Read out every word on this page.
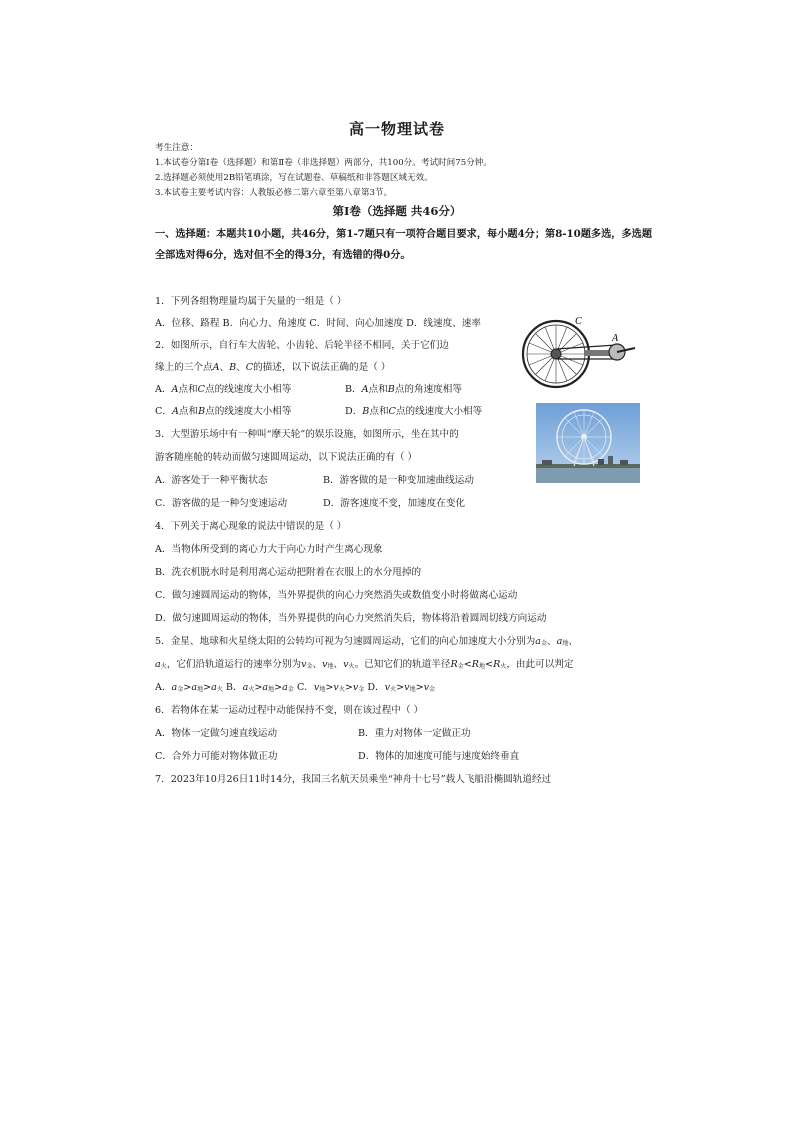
高一物理试卷
考生注意：
1.本试卷分第Ⅰ卷（选择题）和第Ⅱ卷（非选择题）两部分，共100分。考试时间75分钟。
2.选择题必须使用2B铅笔填涂，写在试题卷、草稿纸和非答题区域无效。
3.本试卷主要考试内容：人教版必修二第六章至第八章第3节。
第Ⅰ卷（选择题 共46分）
一、选择题：本题共10小题，共46分，第1-7题只有一项符合题目要求，每小题4分；第8-10题多选，多选题全部选对得6分，选对但不全的得3分，有选错的得0分。
1．下列各组物理量均属于矢量的一组是（ ）
A．位移、路程 B．向心力、角速度 C．时间、向心加速度 D．线速度、速率
2．如图所示，自行车大齿轮、小齿轮、后轮半径不相同，关于它们边
缘上的三个点A、B、C的描述，以下说法正确的是（ ）
A．A点和C点的线速度大小相等	B．A点和B点的角速度相等
C．A点和B点的线速度大小相等	D．B点和C点的线速度大小相等
C
A
3．大型游乐场中有一种叫“摩天轮”的娱乐设施，如图所示，坐在其中的
游客随座舱的转动而做匀速圆周运动，以下说法正确的有（ ）
A．游客处于一种平衡状态	B．游客做的是一种变加速曲线运动
C．游客做的是一种匀变速运动	D．游客速度不变，加速度在变化
4．下列关于离心现象的说法中错误的是（ ）
A．当物体所受到的离心力大于向心力时产生离心现象
B．洗衣机脱水时是利用离心运动把附着在衣服上的水分甩掉的
C．做匀速圆周运动的物体，当外界提供的向心力突然消失或数值变小时将做离心运动
D．做匀速圆周运动的物体，当外界提供的向心力突然消失后，物体将沿着圆周切线方向运动
5．金星、地球和火星绕太阳的公转均可视为匀速圆周运动，它们的向心加速度大小分别为a金、a地、
a火，它们沿轨道运行的速率分别为v金、v地、v火。已知它们的轨道半径R金<R地<R火，由此可以判定
A．a金>a地>a火 B．a火>a地>a金 C．v地>v火>v金 D．v火>v地>v金
6．若物体在某一运动过程中动能保持不变，则在该过程中（ ）
A．物体一定做匀速直线运动	B．重力对物体一定做正功
C．合外力可能对物体做正功	D．物体的加速度可能与速度始终垂直
7．2023年10月26日11时14分，我国三名航天员乘坐“神舟十七号”载人飞船沿椭圆轨道经过
